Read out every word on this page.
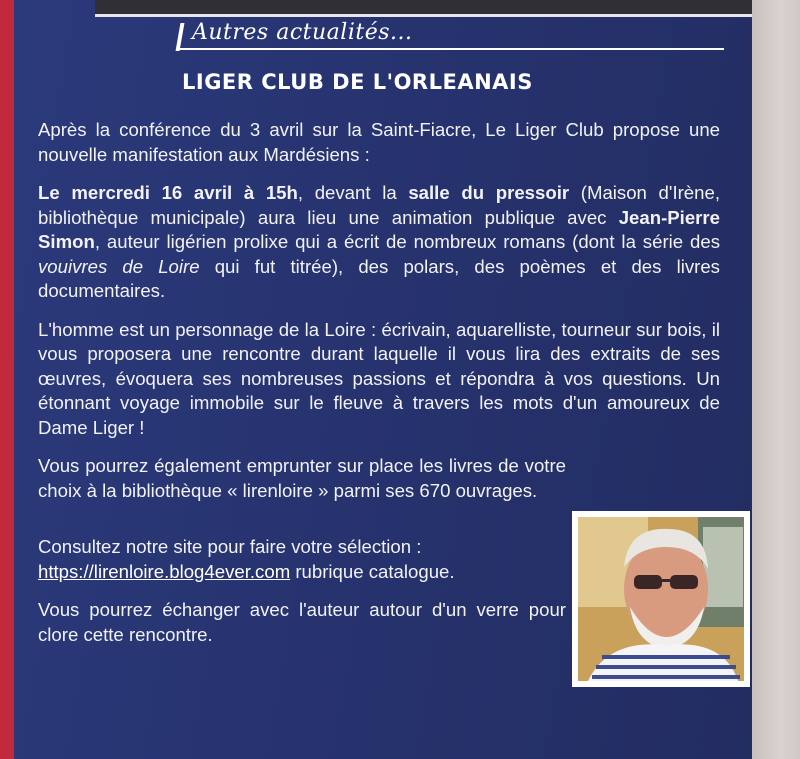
Autres actualités...
LIGER CLUB DE L'ORLEANAIS

Après la conférence du 3 avril sur la Saint-Fiacre, Le Liger Club propose une nouvelle manifestation aux Mardésiens :

Le mercredi 16 avril à 15h, devant la salle du pressoir (Maison d'Irène, bibliothèque municipale) aura lieu une animation publique avec Jean-Pierre Simon, auteur ligérien prolixe qui a écrit de nombreux romans (dont la série des vouivres de Loire qui fut titrée), des polars, des poèmes et des livres documentaires.

L'homme est un personnage de la Loire : écrivain, aquarelliste, tourneur sur bois, il vous proposera une rencontre durant laquelle il vous lira des extraits de ses œuvres, évoquera ses nombreuses passions et répondra à vos questions. Un étonnant voyage immobile sur le fleuve à travers les mots d'un amoureux de Dame Liger !

Vous pourrez également emprunter sur place les livres de votre choix à la bibliothèque « lirenloire » parmi ses 670 ouvrages.

Consultez notre site pour faire votre sélection :
https://lirenloire.blog4ever.com rubrique catalogue.

Vous pourrez échanger avec l'auteur autour d'un verre pour clore cette rencontre.
